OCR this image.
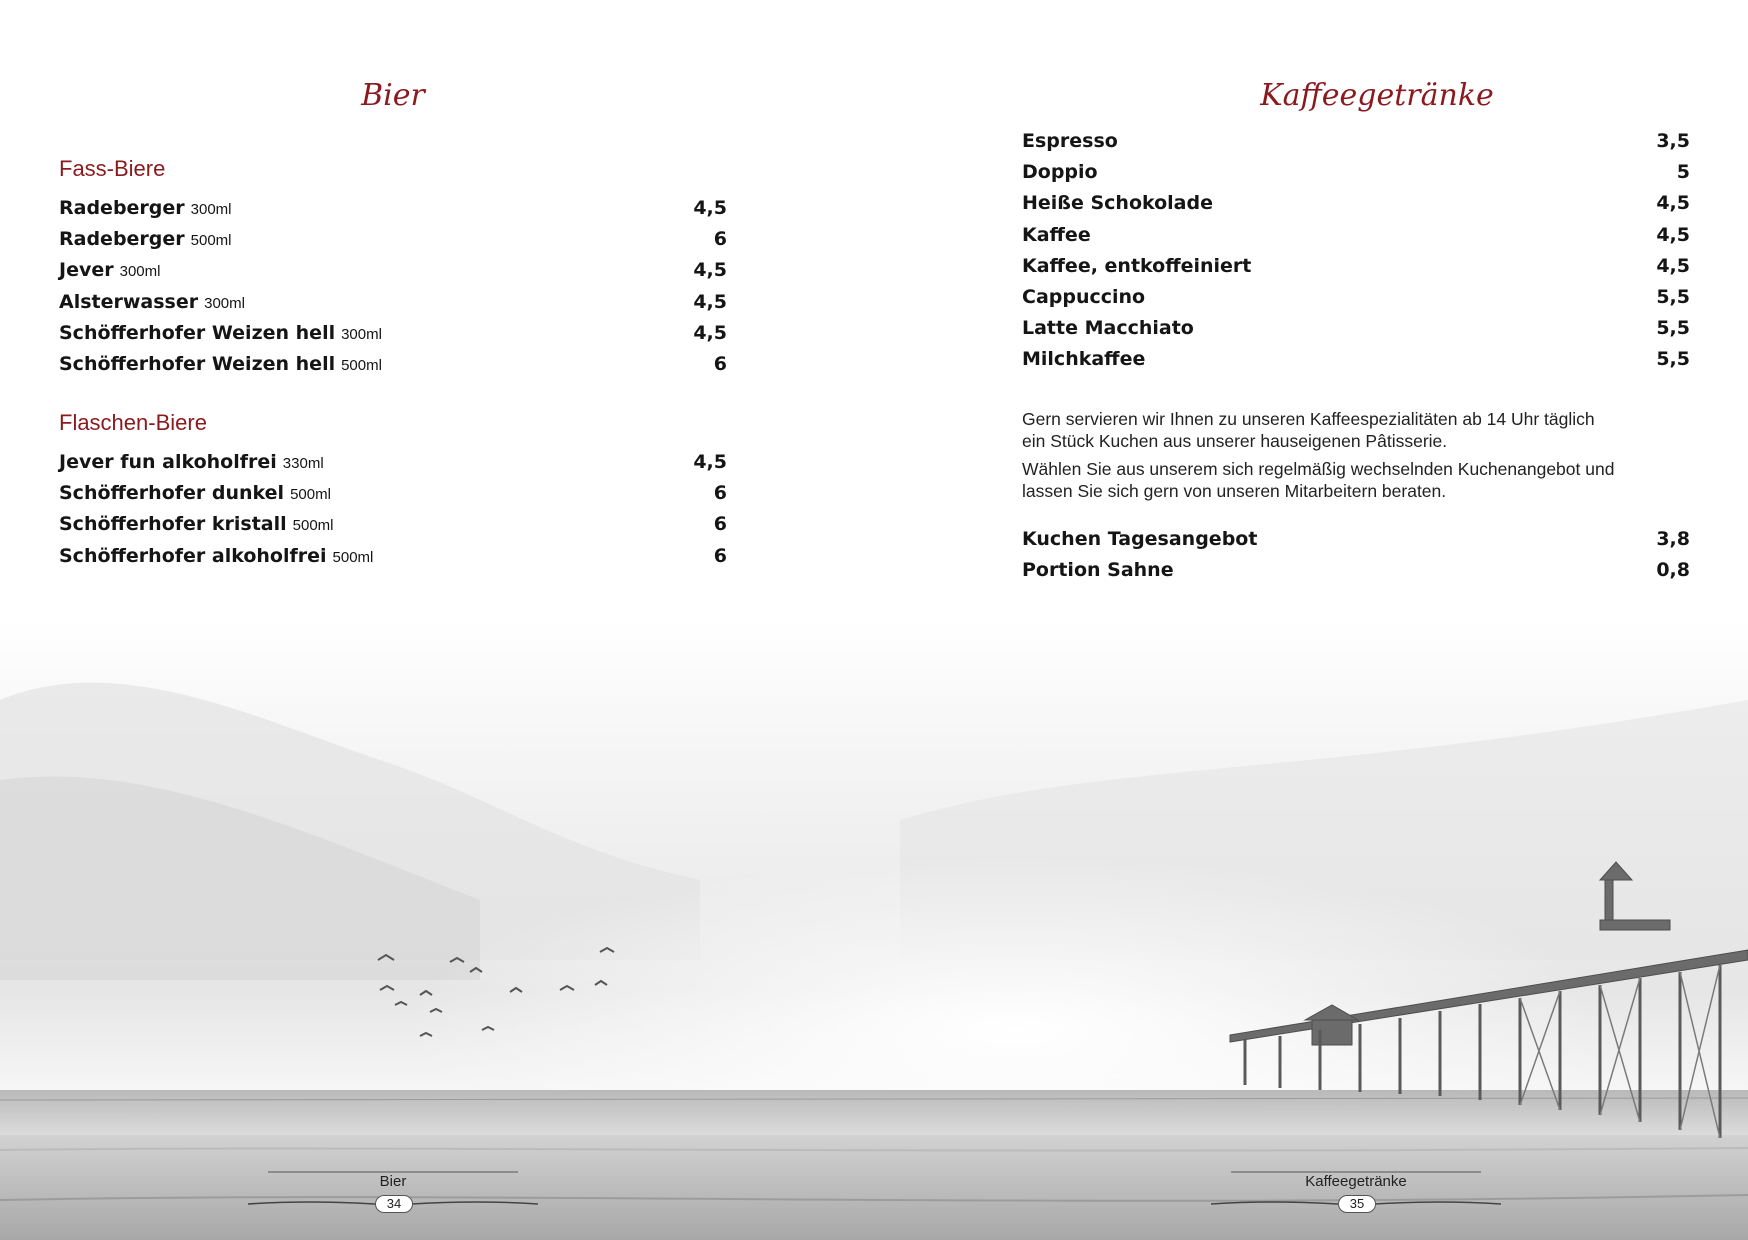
Bier
Fass-Biere
Radeberger 300ml	4,5
Radeberger 500ml	6
Jever 300ml	4,5
Alsterwasser 300ml	4,5
Schöfferhofer Weizen hell 300ml	4,5
Schöfferhofer Weizen hell 500ml	6
Flaschen-Biere
Jever fun alkoholfrei 330ml	4,5
Schöfferhofer dunkel 500ml	6
Schöfferhofer kristall 500ml	6
Schöfferhofer alkoholfrei 500ml	6
Kaffeegetränke
Espresso	3,5
Doppio	5
Heiße Schokolade	4,5
Kaffee	4,5
Kaffee, entkoffeiniert	4,5
Cappuccino	5,5
Latte Macchiato	5,5
Milchkaffee	5,5
Gern servieren wir Ihnen zu unseren Kaffeespezialitäten ab 14 Uhr täglich
ein Stück Kuchen aus unserer hauseigenen Pâtisserie.
Wählen Sie aus unserem sich regelmäßig wechselnden Kuchenangebot und
lassen Sie sich gern von unseren Mitarbeitern beraten.
Kuchen Tagesangebot	3,8
Portion Sahne	0,8
Bier
34
Kaffeegetränke
35
